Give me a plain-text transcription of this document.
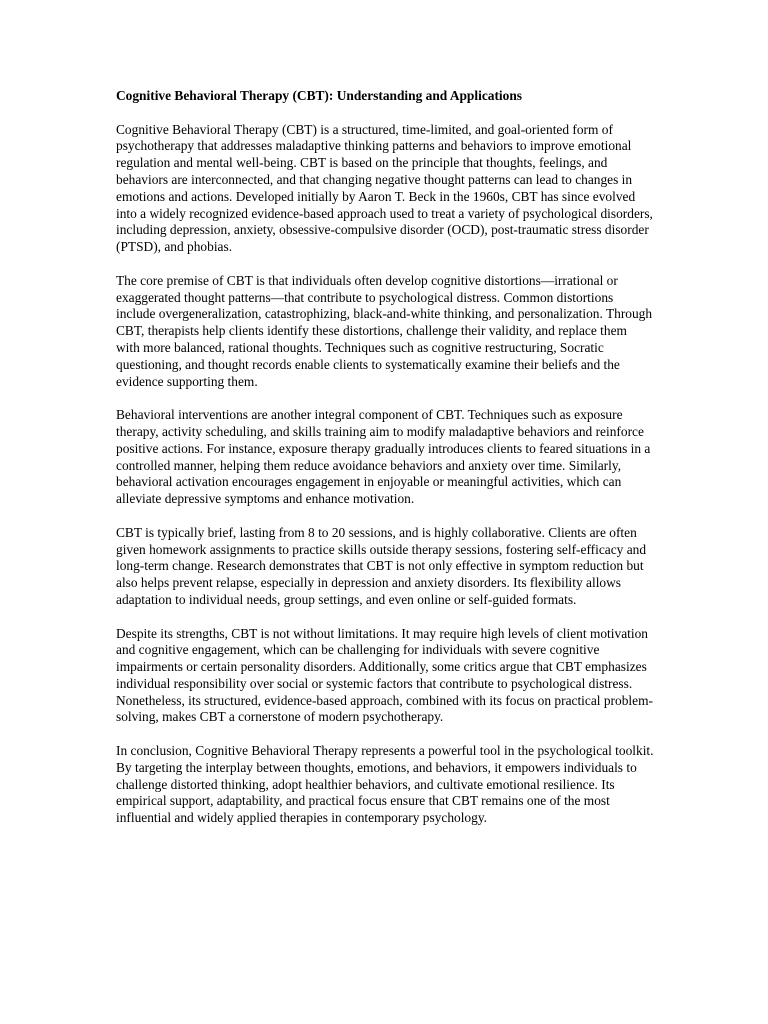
Cognitive Behavioral Therapy (CBT): Understanding and Applications

Cognitive Behavioral Therapy (CBT) is a structured, time-limited, and goal-oriented form of psychotherapy that addresses maladaptive thinking patterns and behaviors to improve emotional regulation and mental well-being. CBT is based on the principle that thoughts, feelings, and behaviors are interconnected, and that changing negative thought patterns can lead to changes in emotions and actions. Developed initially by Aaron T. Beck in the 1960s, CBT has since evolved into a widely recognized evidence-based approach used to treat a variety of psychological disorders, including depression, anxiety, obsessive-compulsive disorder (OCD), post-traumatic stress disorder (PTSD), and phobias.

The core premise of CBT is that individuals often develop cognitive distortions—irrational or exaggerated thought patterns—that contribute to psychological distress. Common distortions include overgeneralization, catastrophizing, black-and-white thinking, and personalization. Through CBT, therapists help clients identify these distortions, challenge their validity, and replace them with more balanced, rational thoughts. Techniques such as cognitive restructuring, Socratic questioning, and thought records enable clients to systematically examine their beliefs and the evidence supporting them.

Behavioral interventions are another integral component of CBT. Techniques such as exposure therapy, activity scheduling, and skills training aim to modify maladaptive behaviors and reinforce positive actions. For instance, exposure therapy gradually introduces clients to feared situations in a controlled manner, helping them reduce avoidance behaviors and anxiety over time. Similarly, behavioral activation encourages engagement in enjoyable or meaningful activities, which can alleviate depressive symptoms and enhance motivation.

CBT is typically brief, lasting from 8 to 20 sessions, and is highly collaborative. Clients are often given homework assignments to practice skills outside therapy sessions, fostering self-efficacy and long-term change. Research demonstrates that CBT is not only effective in symptom reduction but also helps prevent relapse, especially in depression and anxiety disorders. Its flexibility allows adaptation to individual needs, group settings, and even online or self-guided formats.

Despite its strengths, CBT is not without limitations. It may require high levels of client motivation and cognitive engagement, which can be challenging for individuals with severe cognitive impairments or certain personality disorders. Additionally, some critics argue that CBT emphasizes individual responsibility over social or systemic factors that contribute to psychological distress. Nonetheless, its structured, evidence-based approach, combined with its focus on practical problem-solving, makes CBT a cornerstone of modern psychotherapy.

In conclusion, Cognitive Behavioral Therapy represents a powerful tool in the psychological toolkit. By targeting the interplay between thoughts, emotions, and behaviors, it empowers individuals to challenge distorted thinking, adopt healthier behaviors, and cultivate emotional resilience. Its empirical support, adaptability, and practical focus ensure that CBT remains one of the most influential and widely applied therapies in contemporary psychology.
